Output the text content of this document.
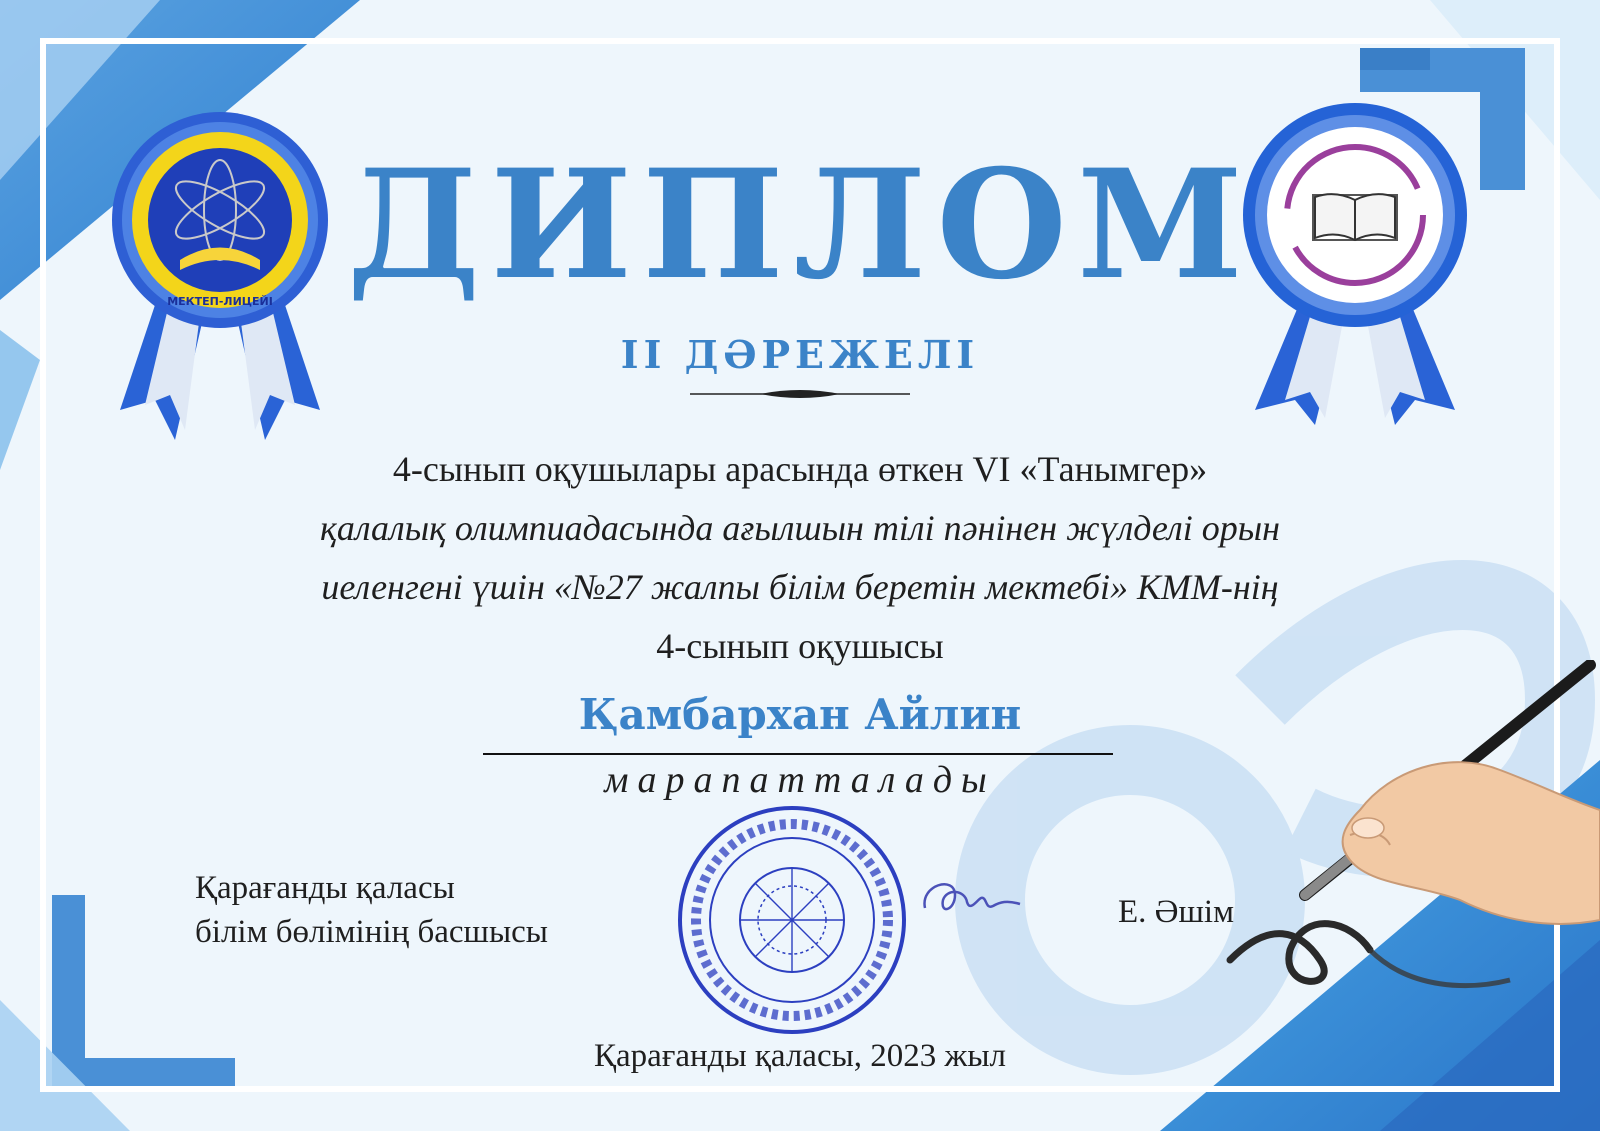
МЕКТЕП-ЛИЦЕЙІ ДИПЛОМ
II ДӘРЕЖЕЛІ
4-сынып оқушылары арасында өткен VI «Танымгер»
қалалық олимпиадасында ағылшын тілі пәнінен жүлделі орын
иеленгені үшін «№27 жалпы білім беретін мектебі» КММ-нің
4-сынып оқушысы
Қамбархан Айлин
марапатталады
Қарағанды қаласы
білім бөлімінің басшысы
Е. Әшім
Қарағанды қаласы, 2023 жыл
